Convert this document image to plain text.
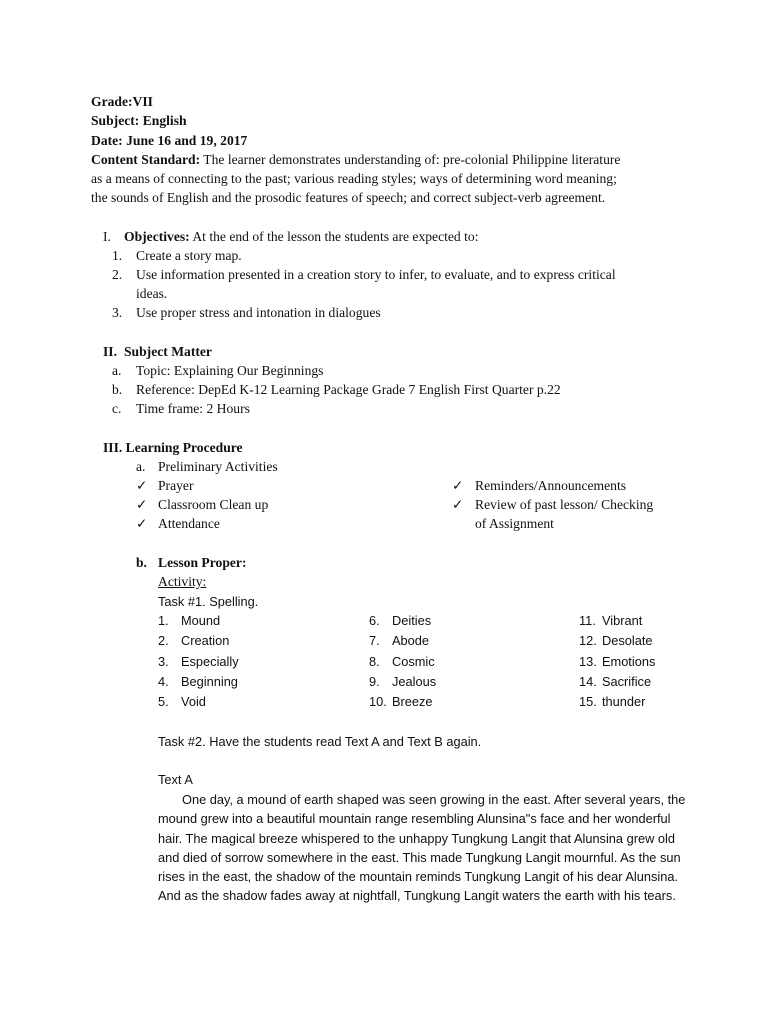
Grade:VII
Subject: English
Date: June 16 and 19, 2017
Content Standard: The learner demonstrates understanding of: pre-colonial Philippine literature
as a means of connecting to the past; various reading styles; ways of determining word meaning;
the sounds of English and the prosodic features of speech; and correct subject-verb agreement.
I. Objectives: At the end of the lesson the students are expected to:
1. Create a story map.
2. Use information presented in a creation story to infer, to evaluate, and to express critical
ideas.
3. Use proper stress and intonation in dialogues
II. Subject Matter
a. Topic: Explaining Our Beginnings
b. Reference: DepEd K-12 Learning Package Grade 7 English First Quarter p.22
c. Time frame: 2 Hours
III. Learning Procedure
a. Preliminary Activities
✓ Prayer
✓ Classroom Clean up
✓ Attendance
✓ Reminders/Announcements
✓ Review of past lesson/ Checking
of Assignment
b. Lesson Proper:
Activity:
Task #1. Spelling.
1. Mound
2. Creation
3. Especially
4. Beginning
5. Void
6. Deities
7. Abode
8. Cosmic
9. Jealous
10. Breeze
11. Vibrant
12. Desolate
13. Emotions
14. Sacrifice
15. thunder
Task #2. Have the students read Text A and Text B again.
Text A
One day, a mound of earth shaped was seen growing in the east. After several years, the
mound grew into a beautiful mountain range resembling Alunsina"s face and her wonderful
hair. The magical breeze whispered to the unhappy Tungkung Langit that Alunsina grew old
and died of sorrow somewhere in the east. This made Tungkung Langit mournful. As the sun
rises in the east, the shadow of the mountain reminds Tungkung Langit of his dear Alunsina.
And as the shadow fades away at nightfall, Tungkung Langit waters the earth with his tears.
